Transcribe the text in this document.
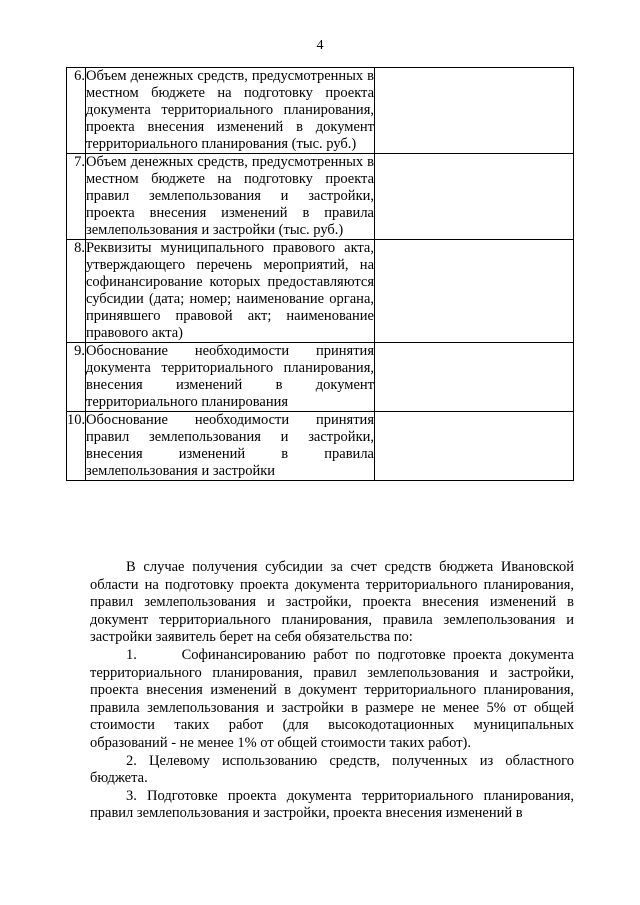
4
6.	Объем денежных средств, предусмотренных в местном бюджете на подготовку проекта документа территориального планирования, проекта внесения изменений в документ территориального планирования (тыс. руб.)	
7.	Объем денежных средств, предусмотренных в местном бюджете на подготовку проекта правил землепользования и застройки, проекта внесения изменений в правила землепользования и застройки (тыс. руб.)	
8.	Реквизиты муниципального правового акта, утверждающего перечень мероприятий, на софинансирование которых предоставляются субсидии (дата; номер; наименование органа, принявшего правовой акт; наименование правового акта)	
9.	Обоснование необходимости принятия документа территориального планирования, внесения изменений в документ территориального планирования	
10.	Обоснование необходимости принятия правил землепользования и застройки, внесения изменений в правила землепользования и застройки	

В случае получения субсидии за счет средств бюджета Ивановской области на подготовку проекта документа территориального планирования, правил землепользования и застройки, проекта внесения изменений в документ территориального планирования, правила землепользования и застройки заявитель берет на себя обязательства по:

1.      Софинансированию работ по подготовке проекта документа территориального планирования, правил землепользования и застройки, проекта внесения изменений в документ территориального планирования, правила землепользования и застройки в размере не менее 5% от общей стоимости таких работ (для высокодотационных муниципальных образований - не менее 1% от общей стоимости таких работ).

2. Целевому использованию средств, полученных из областного бюджета.

3. Подготовке проекта документа территориального планирования, правил землепользования и застройки, проекта внесения изменений в
